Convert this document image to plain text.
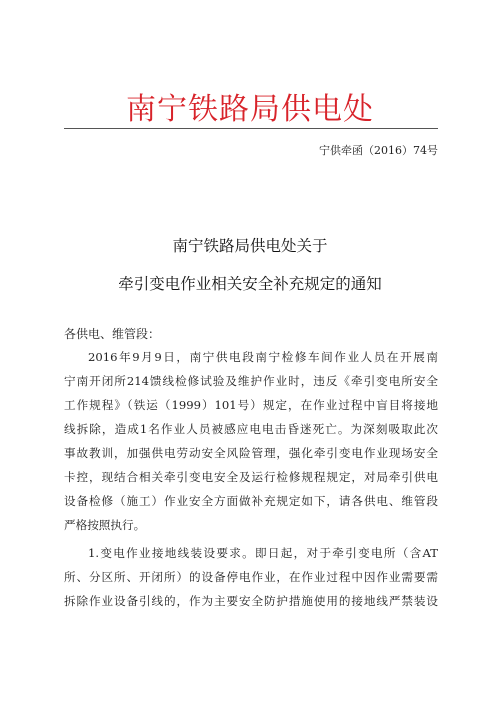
南宁铁路局供电处
宁供牵函（2016）74号
南宁铁路局供电处关于
牵引变电作业相关安全补充规定的通知
各供电、维管段：
2016年9月9日，南宁供电段南宁检修车间作业人员在开展南
宁南开闭所214馈线检修试验及维护作业时，违反《牵引变电所安全
工作规程》（铁运（1999）101号）规定，在作业过程中盲目将接地
线拆除，造成1名作业人员被感应电电击昏迷死亡。为深刻吸取此次
事故教训，加强供电劳动安全风险管理，强化牵引变电作业现场安全
卡控，现结合相关牵引变电安全及运行检修规程规定，对局牵引供电
设备检修（施工）作业安全方面做补充规定如下，请各供电、维管段
严格按照执行。
1.变电作业接地线装设要求。即日起，对于牵引变电所（含AT
所、分区所、开闭所）的设备停电作业，在作业过程中因作业需要需
拆除作业设备引线的，作为主要安全防护措施使用的接地线严禁装设
